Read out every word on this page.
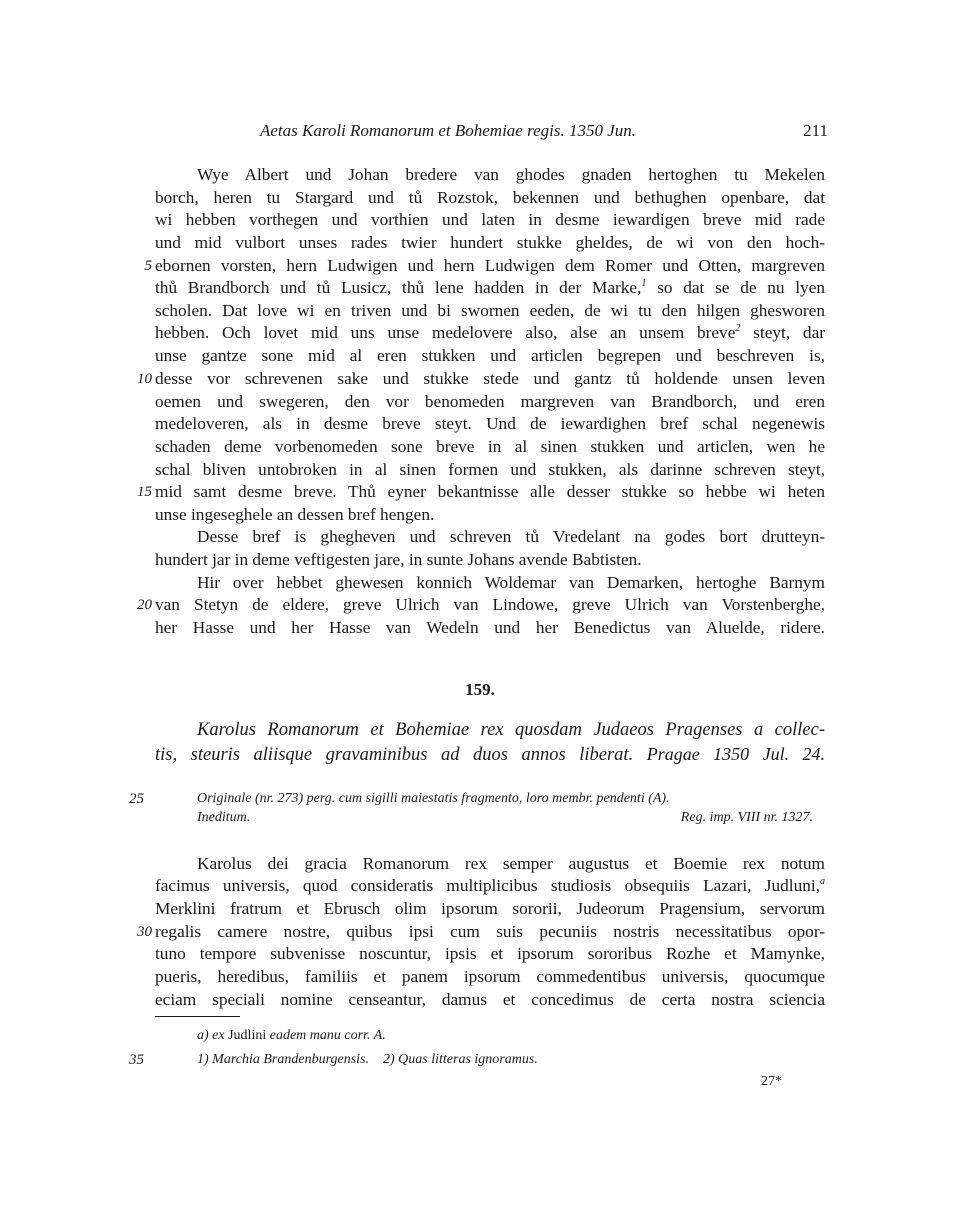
Aetas Karoli Romanorum et Bohemiae regis. 1350 Jun.	211
Wye Albert und Johan bredere van ghodes gnaden hertoghen tu Mekelen
borch, heren tu Stargard und tů Rozstok, bekennen und bethughen openbare, dat
wi hebben vorthegen und vorthien und laten in desme iewardigen breve mid rade
und mid vulbort unses rades twier hundert stukke gheldes, de wi von den hoch-
5 ebornen vorsten, hern Ludwigen und hern Ludwigen dem Romer und Otten, margreven
thů Brandborch und tů Lusicz, thů lene hadden in der Marke,$^1$ so dat se de nu lyen
scholen. Dat love wi en triven und bi swornen eeden, de wi tu den hilgen ghesworen
hebben. Och lovet mid uns unse medelovere also, alse an unsem breve$^2$ steyt, dar
unse gantze sone mid al eren stukken und articlen begrepen und beschreven is,
10 desse vor schrevenen sake und stukke stede und gantz tů holdende unsen leven
oemen und swegeren, den vor benomeden margreven van Brandborch, und eren
medeloveren, als in desme breve steyt. Und de iewardighen bref schal negenewis
schaden deme vorbenomeden sone breve in al sinen stukken und articlen, wen he
schal bliven untobroken in al sinen formen und stukken, als darinne schreven steyt,
15 mid samt desme breve. Thů eyner bekantnisse alle desser stukke so hebbe wi heten
unse ingeseghele an dessen bref hengen.
Desse bref is ghegheven und schreven tů Vredelant na godes bort drutteyn-
hundert jar in deme veftigesten jare, in sunte Johans avende Babtisten.
Hir over hebbet ghewesen konnich Woldemar van Demarken, hertoghe Barnym
20 van Stetyn de eldere, greve Ulrich van Lindowe, greve Ulrich van Vorstenberghe,
her Hasse und her Hasse van Wedeln und her Benedictus van Aluelde, ridere.
159.
Karolus Romanorum et Bohemiae rex quosdam Judaeos Pragenses a collec-
tis, steuris aliisque gravaminibus ad duos annos liberat. Pragae 1350 Jul. 24.
25	Originale (nr. 273) perg. cum sigilli maiestatis fragmento, loro membr. pendenti (A).
Ineditum.	Reg. imp. VIII nr. 1327.
Karolus dei gracia Romanorum rex semper augustus et Boemie rex notum
facimus universis, quod consideratis multiplicibus studiosis obsequiis Lazari, Judluni,$^a$
Merklini fratrum et Ebrusch olim ipsorum sororii, Judeorum Pragensium, servorum
30 regalis camere nostre, quibus ipsi cum suis pecuniis nostris necessitatibus opor-
tuno tempore subvenisse noscuntur, ipsis et ipsorum sororibus Rozhe et Mamynke,
pueris, heredibus, familiis et panem ipsorum commedentibus universis, quocumque
eciam speciali nomine censeantur, damus et concedimus de certa nostra sciencia
a) ex Judlini eadem manu corr. A.
35	1) Marchia Brandenburgensis. 2) Quas litteras ignoramus.
27*
